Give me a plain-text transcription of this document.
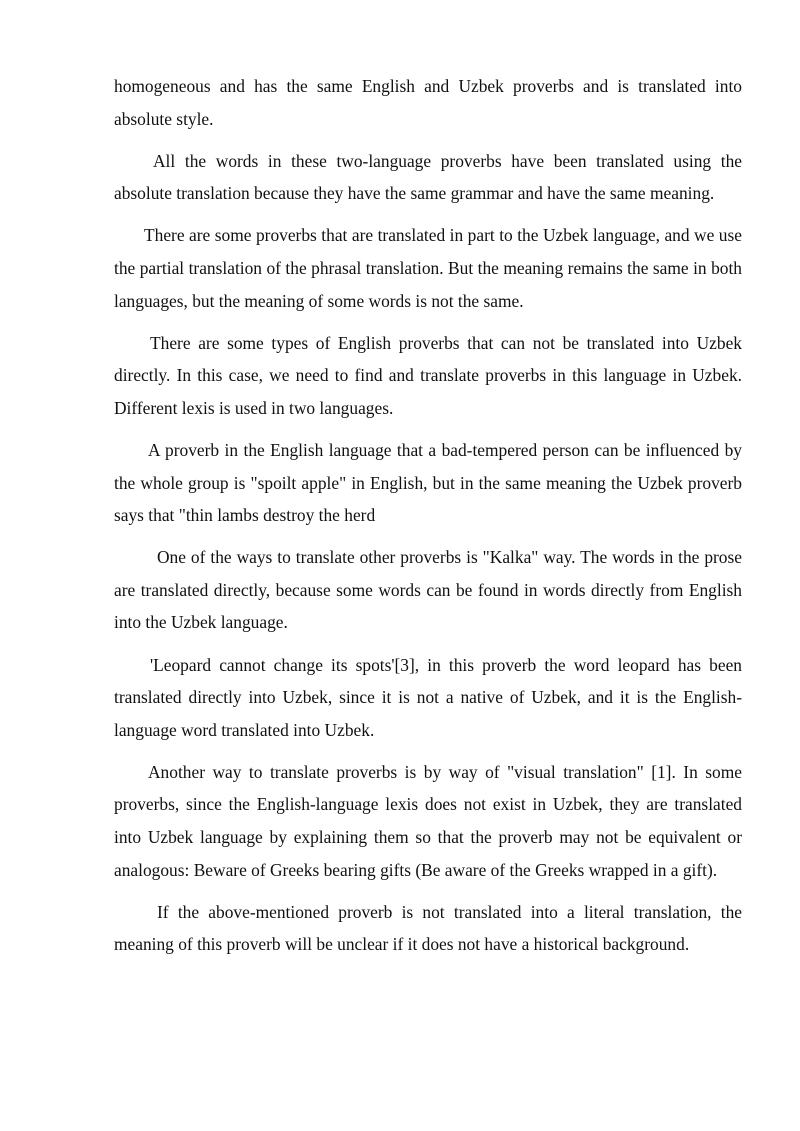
homogeneous and has the same English and Uzbek proverbs and is translated into absolute style.

All the words in these two-language proverbs have been translated using the absolute translation because they have the same grammar and have the same meaning.

There are some proverbs that are translated in part to the Uzbek language, and we use the partial translation of the phrasal translation. But the meaning remains the same in both languages, but the meaning of some words is not the same.

There are some types of English proverbs that can not be translated into Uzbek directly. In this case, we need to find and translate proverbs in this language in Uzbek. Different lexis is used in two languages.

A proverb in the English language that a bad-tempered person can be influenced by the whole group is "spoilt apple" in English, but in the same meaning the Uzbek proverb says that "thin lambs destroy the herd

One of the ways to translate other proverbs is "Kalka" way. The words in the prose are translated directly, because some words can be found in words directly from English into the Uzbek language.

'Leopard cannot change its spots'[3], in this proverb the word leopard has been translated directly into Uzbek, since it is not a native of Uzbek, and it is the English-language word translated into Uzbek.

Another way to translate proverbs is by way of "visual translation" [1]. In some proverbs, since the English-language lexis does not exist in Uzbek, they are translated into Uzbek language by explaining them so that the proverb may not be equivalent or analogous: Beware of Greeks bearing gifts (Be aware of the Greeks wrapped in a gift).

If the above-mentioned proverb is not translated into a literal translation, the meaning of this proverb will be unclear if it does not have a historical background.
